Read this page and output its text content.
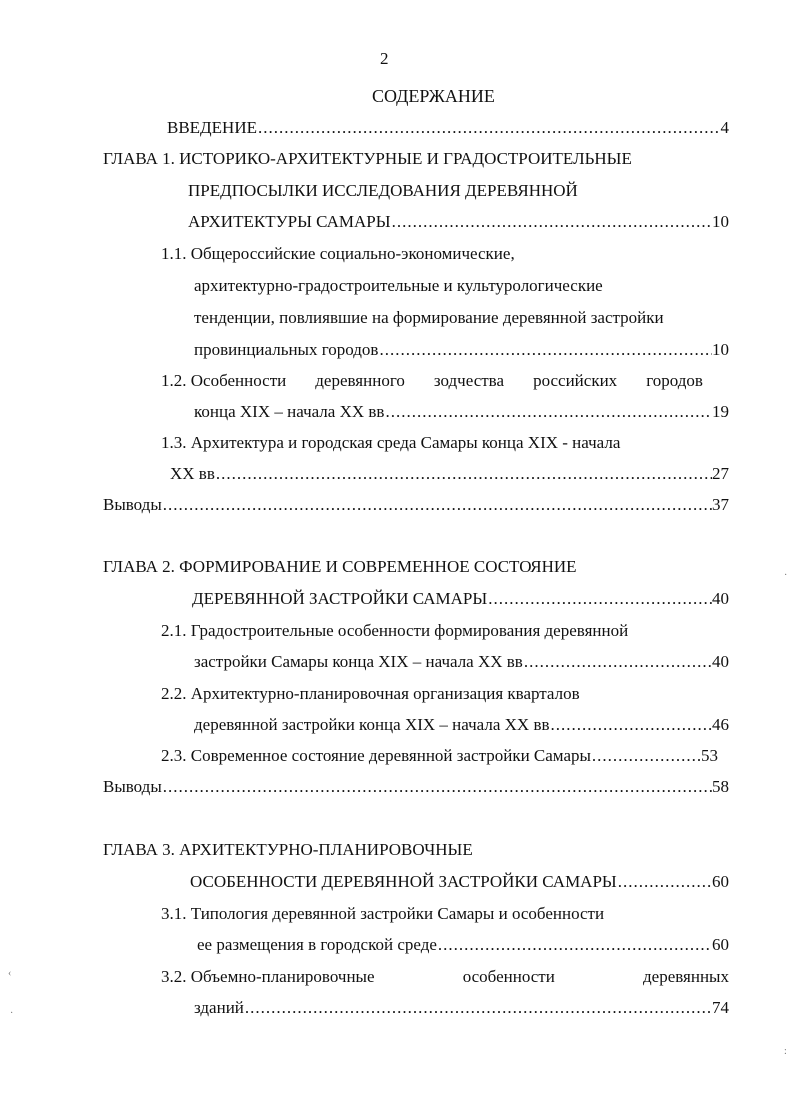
2
СОДЕРЖАНИЕ
ВВЕДЕНИЕ .....	4
ГЛАВА 1. ИСТОРИКО-АРХИТЕКТУРНЫЕ И ГРАДОСТРОИТЕЛЬНЫЕ
ПРЕДПОСЫЛКИ ИССЛЕДОВАНИЯ ДЕРЕВЯННОЙ
АРХИТЕКТУРЫ САМАРЫ .....	10
1.1. Общероссийские социально-экономические,
архитектурно-градостроительные и культурологические
тенденции, повлиявшие на формирование деревянной застройки
провинциальных городов .....	10
1.2. Особенности деревянного зодчества российских городов
конца XIX – начала XX вв .....	19
1.3. Архитектура и городская среда Самары конца XIX - начала
XX вв .....	27
Выводы .....	37
ГЛАВА 2. ФОРМИРОВАНИЕ И СОВРЕМЕННОЕ СОСТОЯНИЕ
ДЕРЕВЯННОЙ ЗАСТРОЙКИ САМАРЫ .....	40
2.1. Градостроительные особенности формирования деревянной
застройки Самары конца XIX – начала XX вв .....	40
2.2. Архитектурно-планировочная организация кварталов
деревянной застройки конца XIX – начала XX вв .....	46
2.3. Современное состояние деревянной застройки Самары .....	53
Выводы .....	58
ГЛАВА 3. АРХИТЕКТУРНО-ПЛАНИРОВОЧНЫЕ
ОСОБЕННОСТИ ДЕРЕВЯННОЙ ЗАСТРОЙКИ САМАРЫ .....	60
3.1. Типология деревянной застройки Самары и особенности
ее размещения в городской среде .....	60
3.2. Объемно-планировочные	особенности	деревянных
зданий .....	74
·
‹
·
:
